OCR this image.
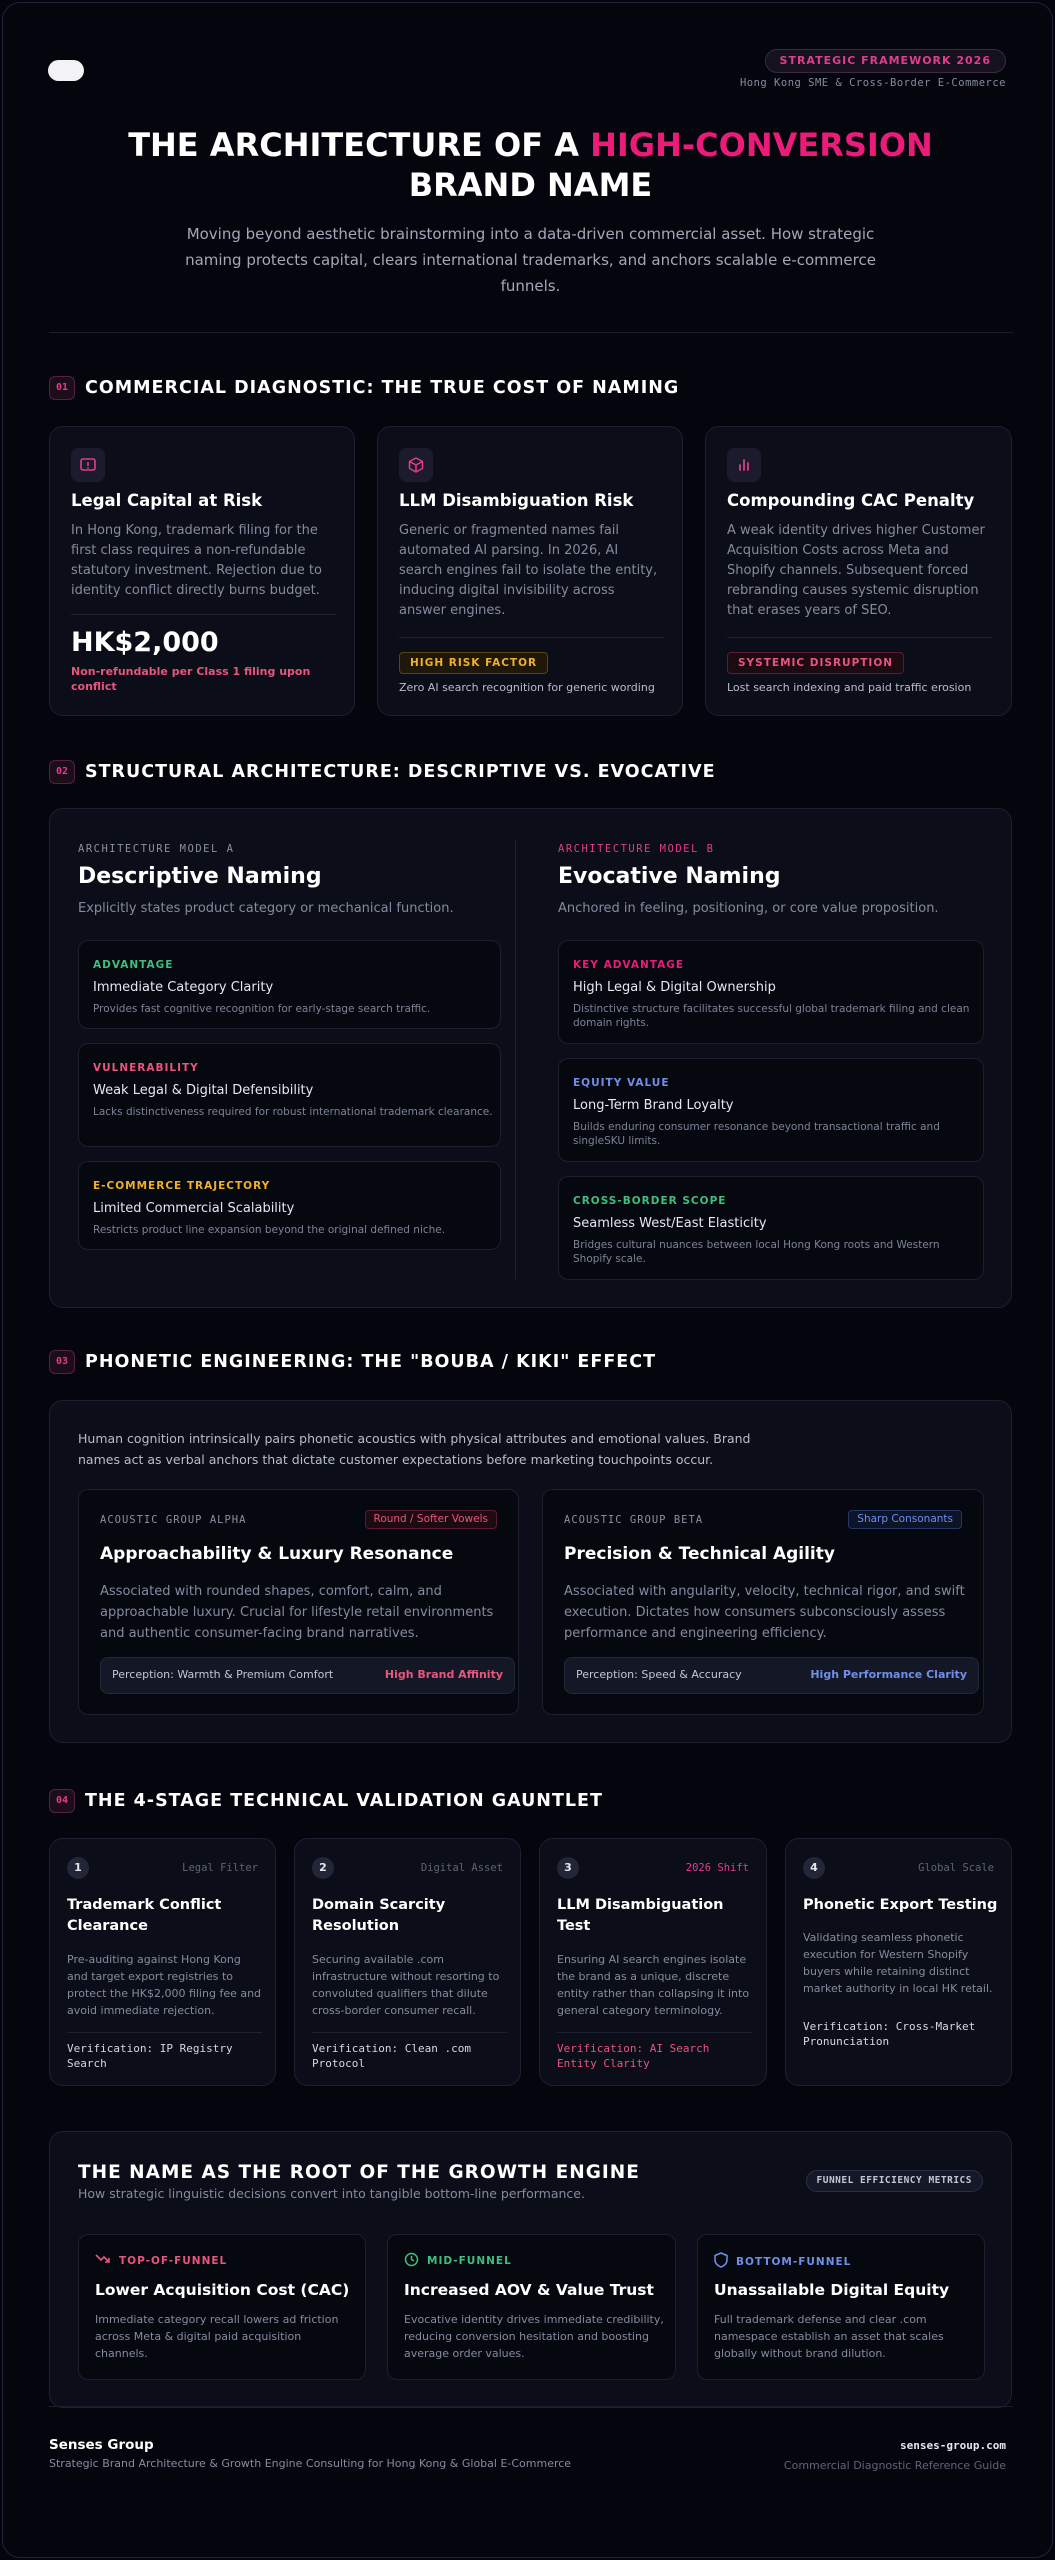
STRATEGIC FRAMEWORK 2026
Hong Kong SME & Cross-Border E-Commerce
THE ARCHITECTURE OF A HIGH-CONVERSION
BRAND NAME
Moving beyond aesthetic brainstorming into a data-driven commercial asset. How strategic naming protects capital, clears international trademarks, and anchors scalable e-commerce funnels.
01 COMMERCIAL DIAGNOSTIC: THE TRUE COST OF NAMING
Legal Capital at Risk
In Hong Kong, trademark filing for the first class requires a non-refundable statutory investment. Rejection due to identity conflict directly burns budget.
HK$2,000
Non-refundable per Class 1 filing upon conflict
LLM Disambiguation Risk
Generic or fragmented names fail automated AI parsing. In 2026, AI search engines fail to isolate the entity, inducing digital invisibility across answer engines.
HIGH RISK FACTOR
Zero AI search recognition for generic wording
Compounding CAC Penalty
A weak identity drives higher Customer Acquisition Costs across Meta and Shopify channels. Subsequent forced rebranding causes systemic disruption that erases years of SEO.
SYSTEMIC DISRUPTION
Lost search indexing and paid traffic erosion
02 STRUCTURAL ARCHITECTURE: DESCRIPTIVE VS. EVOCATIVE
ARCHITECTURE MODEL A
Descriptive Naming
Explicitly states product category or mechanical function.
ADVANTAGE
Immediate Category Clarity
Provides fast cognitive recognition for early-stage search traffic.
VULNERABILITY
Weak Legal & Digital Defensibility
Lacks distinctiveness required for robust international trademark clearance.
E-COMMERCE TRAJECTORY
Limited Commercial Scalability
Restricts product line expansion beyond the original defined niche.
ARCHITECTURE MODEL B
Evocative Naming
Anchored in feeling, positioning, or core value proposition.
KEY ADVANTAGE
High Legal & Digital Ownership
Distinctive structure facilitates successful global trademark filing and clean domain rights.
EQUITY VALUE
Long-Term Brand Loyalty
Builds enduring consumer resonance beyond transactional traffic and singleSKU limits.
CROSS-BORDER SCOPE
Seamless West/East Elasticity
Bridges cultural nuances between local Hong Kong roots and Western Shopify scale.
03 PHONETIC ENGINEERING: THE "BOUBA / KIKI" EFFECT
Human cognition intrinsically pairs phonetic acoustics with physical attributes and emotional values. Brand names act as verbal anchors that dictate customer expectations before marketing touchpoints occur.
ACOUSTIC GROUP ALPHA	Round / Softer Vowels
Approachability & Luxury Resonance
Associated with rounded shapes, comfort, calm, and approachable luxury. Crucial for lifestyle retail environments and authentic consumer-facing brand narratives.
Perception: Warmth & Premium Comfort	High Brand Affinity
ACOUSTIC GROUP BETA	Sharp Consonants
Precision & Technical Agility
Associated with angularity, velocity, technical rigor, and swift execution. Dictates how consumers subconsciously assess performance and engineering efficiency.
Perception: Speed & Accuracy	High Performance Clarity
04 THE 4-STAGE TECHNICAL VALIDATION GAUNTLET
1	Legal Filter
Trademark Conflict Clearance
Pre-auditing against Hong Kong and target export registries to protect the HK$2,000 filing fee and avoid immediate rejection.
Verification: IP Registry Search
2	Digital Asset
Domain Scarcity Resolution
Securing available .com infrastructure without resorting to convoluted qualifiers that dilute cross-border consumer recall.
Verification: Clean .com Protocol
3	2026 Shift
LLM Disambiguation Test
Ensuring AI search engines isolate the brand as a unique, discrete entity rather than collapsing it into general category terminology.
Verification: AI Search Entity Clarity
4	Global Scale
Phonetic Export Testing
Validating seamless phonetic execution for Western Shopify buyers while retaining distinct market authority in local HK retail.
Verification: Cross-Market Pronunciation
THE NAME AS THE ROOT OF THE GROWTH ENGINE
How strategic linguistic decisions convert into tangible bottom-line performance.
FUNNEL EFFICIENCY METRICS
TOP-OF-FUNNEL
Lower Acquisition Cost (CAC)
Immediate category recall lowers ad friction across Meta & digital paid acquisition channels.
MID-FUNNEL
Increased AOV & Value Trust
Evocative identity drives immediate credibility, reducing conversion hesitation and boosting average order values.
BOTTOM-FUNNEL
Unassailable Digital Equity
Full trademark defense and clear .com namespace establish an asset that scales globally without brand dilution.
Senses Group
Strategic Brand Architecture & Growth Engine Consulting for Hong Kong & Global E-Commerce
senses-group.com
Commercial Diagnostic Reference Guide
